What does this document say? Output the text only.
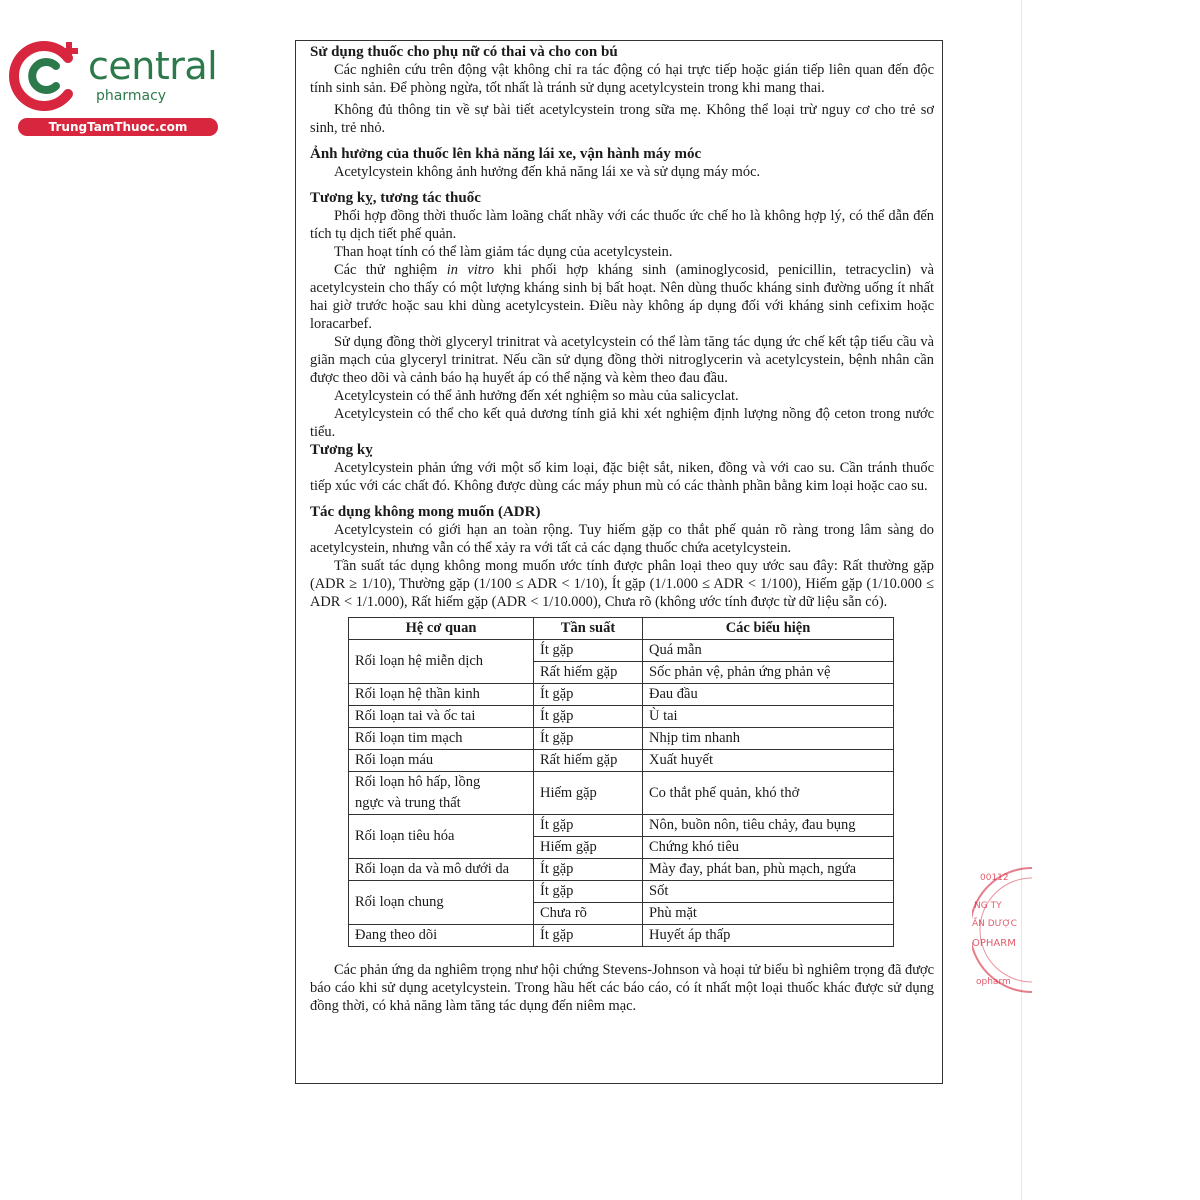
central
pharmacy
TrungTamThuoc.com
00112
NG TY
ẦN DƯỢC
OPHARM
opharm
Sử dụng thuốc cho phụ nữ có thai và cho con bú

Các nghiên cứu trên động vật không chỉ ra tác động có hại trực tiếp hoặc gián tiếp liên quan đến độc tính sinh sản. Để phòng ngừa, tốt nhất là tránh sử dụng acetylcystein trong khi mang thai.

Không đủ thông tin về sự bài tiết acetylcystein trong sữa mẹ. Không thể loại trừ nguy cơ cho trẻ sơ sinh, trẻ nhỏ.

Ảnh hưởng của thuốc lên khả năng lái xe, vận hành máy móc

Acetylcystein không ảnh hưởng đến khả năng lái xe và sử dụng máy móc.

Tương kỵ, tương tác thuốc

Phối hợp đồng thời thuốc làm loãng chất nhầy với các thuốc ức chế ho là không hợp lý, có thể dẫn đến tích tụ dịch tiết phế quản.

Than hoạt tính có thể làm giảm tác dụng của acetylcystein.

Các thử nghiệm in vitro khi phối hợp kháng sinh (aminoglycosid, penicillin, tetracyclin) và acetylcystein cho thấy có một lượng kháng sinh bị bất hoạt. Nên dùng thuốc kháng sinh đường uống ít nhất hai giờ trước hoặc sau khi dùng acetylcystein. Điều này không áp dụng đối với kháng sinh cefixim hoặc loracarbef.

Sử dụng đồng thời glyceryl trinitrat và acetylcystein có thể làm tăng tác dụng ức chế kết tập tiểu cầu và giãn mạch của glyceryl trinitrat. Nếu cần sử dụng đồng thời nitroglycerin và acetylcystein, bệnh nhân cần được theo dõi và cảnh báo hạ huyết áp có thể nặng và kèm theo đau đầu.

Acetylcystein có thể ảnh hưởng đến xét nghiệm so màu của salicyclat.

Acetylcystein có thể cho kết quả dương tính giả khi xét nghiệm định lượng nồng độ ceton trong nước tiểu.

Tương kỵ

Acetylcystein phản ứng với một số kim loại, đặc biệt sắt, niken, đồng và với cao su. Cần tránh thuốc tiếp xúc với các chất đó. Không được dùng các máy phun mù có các thành phần bằng kim loại hoặc cao su.

Tác dụng không mong muốn (ADR)

Acetylcystein có giới hạn an toàn rộng. Tuy hiếm gặp co thắt phế quản rõ ràng trong lâm sàng do acetylcystein, nhưng vẫn có thể xảy ra với tất cả các dạng thuốc chứa acetylcystein.

Tần suất tác dụng không mong muốn ước tính được phân loại theo quy ước sau đây: Rất thường gặp (ADR ≥ 1/10), Thường gặp (1/100 ≤ ADR < 1/10), Ít gặp (1/1.000 ≤ ADR < 1/100), Hiếm gặp (1/10.000 ≤ ADR < 1/1.000), Rất hiếm gặp (ADR < 1/10.000), Chưa rõ (không ước tính được từ dữ liệu sẵn có).

Hệ cơ quan	Tần suất	Các biểu hiện
Rối loạn hệ miễn dịch	Ít gặp	Quá mẫn
	Rất hiếm gặp	Sốc phản vệ, phản ứng phản vệ
Rối loạn hệ thần kinh	Ít gặp	Đau đầu
Rối loạn tai và ốc tai	Ít gặp	Ù tai
Rối loạn tim mạch	Ít gặp	Nhịp tim nhanh
Rối loạn máu	Rất hiếm gặp	Xuất huyết
Rối loạn hô hấp, lồng
ngực và trung thất	Hiếm gặp	Co thắt phế quản, khó thở
Rối loạn tiêu hóa	Ít gặp	Nôn, buồn nôn, tiêu chảy, đau bụng
	Hiếm gặp	Chứng khó tiêu
Rối loạn da và mô dưới da	Ít gặp	Mày đay, phát ban, phù mạch, ngứa
Rối loạn chung	Ít gặp	Sốt
	Chưa rõ	Phù mặt
Đang theo dõi	Ít gặp	Huyết áp thấp

Các phản ứng da nghiêm trọng như hội chứng Stevens-Johnson và hoại tử biểu bì nghiêm trọng đã được báo cáo khi sử dụng acetylcystein. Trong hầu hết các báo cáo, có ít nhất một loại thuốc khác được sử dụng đồng thời, có khả năng làm tăng tác dụng đến niêm mạc.
